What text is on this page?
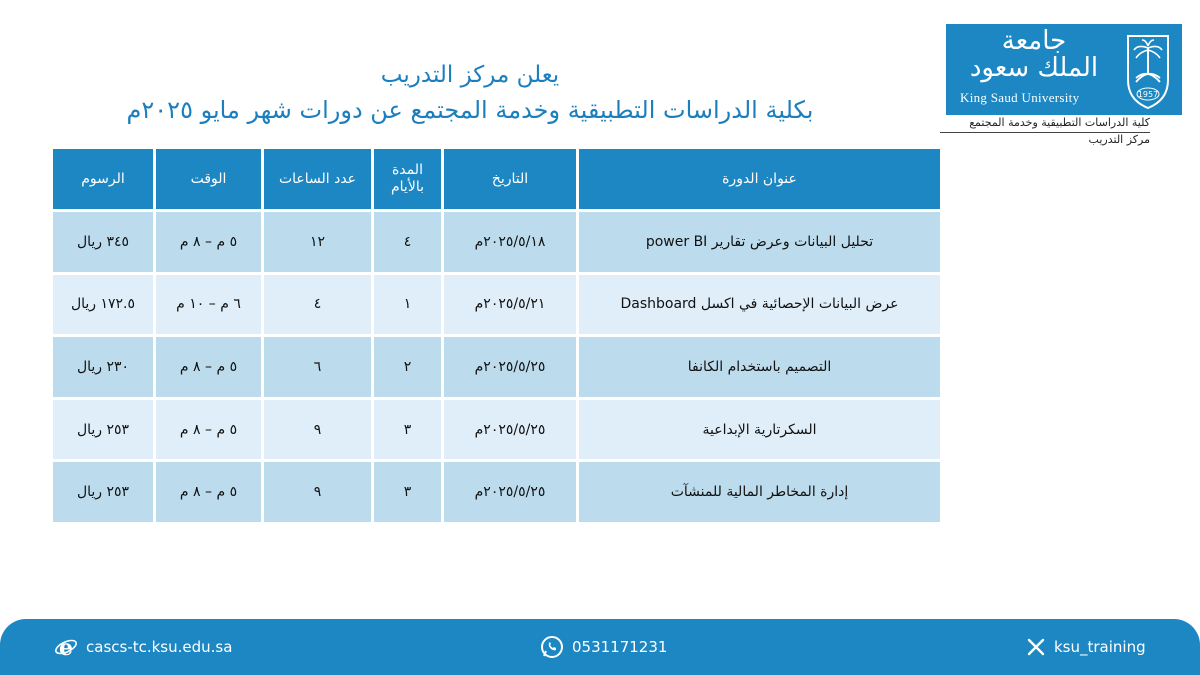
جامعة
الملك سعود
King Saud University	1957
كلية الدراسات التطبيقية وخدمة المجتمع
مركز التدريب
يعلن مركز التدريب
بكلية الدراسات التطبيقية وخدمة المجتمع عن دورات شهر مايو ٢٠٢٥م
عنوان الدورة	التاريخ	المدة بالأيام	عدد الساعات	الوقت	الرسوم
تحليل البيانات وعرض تقارير power BI	٢٠٢٥/٥/١٨م	٤	١٢	٥ م – ٨ م	٣٤٥ ريال
عرض البيانات الإحصائية في اكسل Dashboard	٢٠٢٥/٥/٢١م	١	٤	٦ م – ١٠ م	١٧٢.٥ ريال
التصميم باستخدام الكانفا	٢٠٢٥/٥/٢٥م	٢	٦	٥ م – ٨ م	٢٣٠ ريال
السكرتارية الإبداعية	٢٠٢٥/٥/٢٥م	٣	٩	٥ م – ٨ م	٢٥٣ ريال
إدارة المخاطر المالية للمنشآت	٢٠٢٥/٥/٢٥م	٣	٩	٥ م – ٨ م	٢٥٣ ريال
e cascs-tc.ksu.edu.sa	0531171231	ksu_training
